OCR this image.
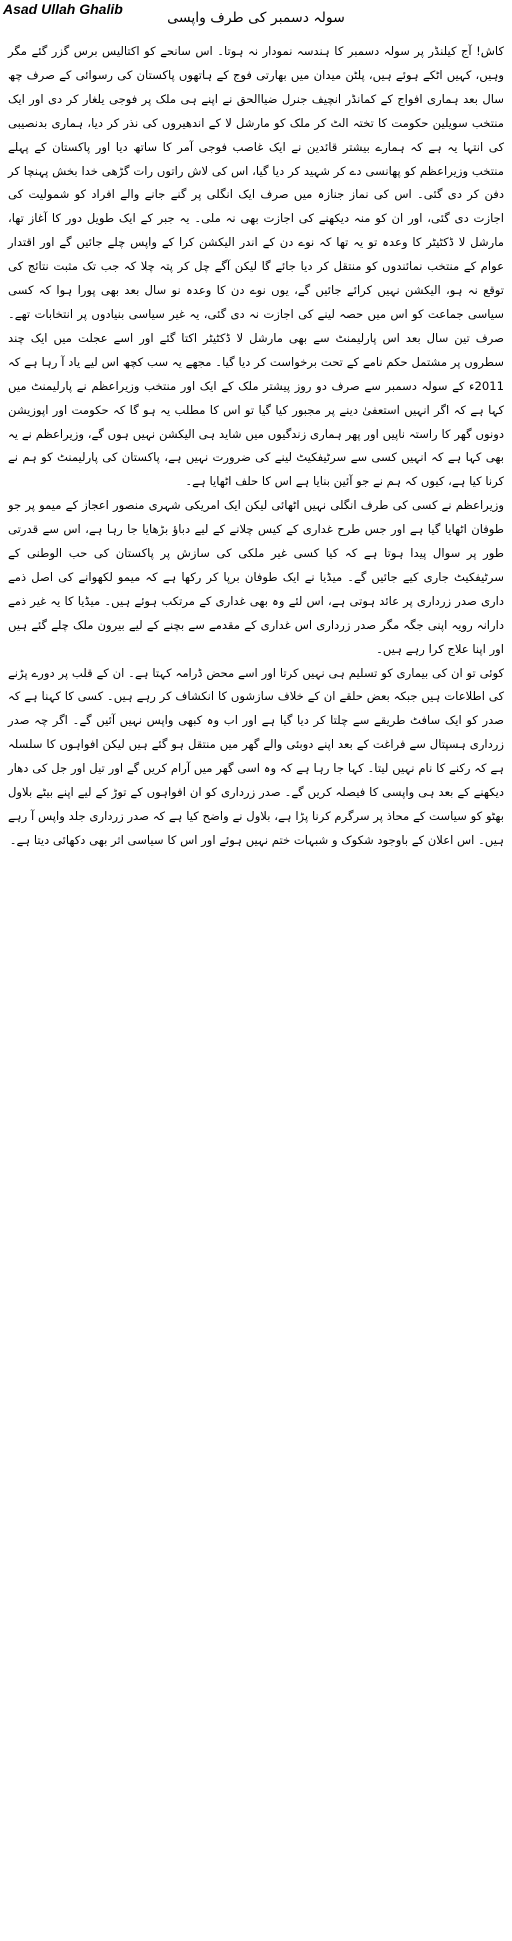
Asad Ullah Ghalib
سولہ دسمبر کی طرف واپسی

کاش! آج کیلنڈر پر سولہ دسمبر کا ہندسہ نمودار نہ ہوتا۔ اس سانحے کو اکتالیس برس گزر گئے مگر وہیں، کہیں اٹکے ہوئے ہیں، پلٹن میدان میں بھارتی فوج کے ہاتھوں پاکستان کی رسوائی کے صرف چھ سال بعد ہماری افواج کے کمانڈر انچیف جنرل ضیاالحق نے اپنے ہی ملک پر فوجی یلغار کر دی اور ایک منتخب سویلین حکومت کا تختہ الٹ کر ملک کو مارشل لا کے اندھیروں کی نذر کر دیا، ہماری بدنصیبی کی انتہا یہ ہے کہ ہمارے بیشتر قائدین نے ایک غاصب فوجی آمر کا ساتھ دیا اور پاکستان کے پہلے منتخب وزیراعظم کو پھانسی دے کر شہید کر دیا گیا، اس کی لاش راتوں رات گڑھی خدا بخش پہنچا کر دفن کر دی گئی۔ اس کی نماز جنازہ میں صرف ایک انگلی پر گنے جانے والے افراد کو شمولیت کی اجازت دی گئی، اور ان کو منہ دیکھنے کی اجازت بھی نہ ملی۔ یہ جبر کے ایک طویل دور کا آغاز تھا، مارشل لا ڈکٹیٹر کا وعدہ تو یہ تھا کہ نوے دن کے اندر الیکشن کرا کے واپس چلے جائیں گے اور اقتدار عوام کے منتخب نمائندوں کو منتقل کر دیا جائے گا لیکن آگے چل کر پتہ چلا کہ جب تک مثبت نتائج کی توقع نہ ہو، الیکشن نہیں کرائے جائیں گے، یوں نوے دن کا وعدہ نو سال بعد بھی پورا ہوا کہ کسی سیاسی جماعت کو اس میں حصہ لینے کی اجازت نہ دی گئی، یہ غیر سیاسی بنیادوں پر انتخابات تھے۔ صرف تین سال بعد اس پارلیمنٹ سے بھی مارشل لا ڈکٹیٹر اکتا گئے اور اسے عجلت میں ایک چند سطروں پر مشتمل حکم نامے کے تحت برخواست کر دیا گیا۔ مجھے یہ سب کچھ اس لیے یاد آ رہا ہے کہ 2011ء کے سولہ دسمبر سے صرف دو روز پیشتر ملک کے ایک اور منتخب وزیراعظم نے پارلیمنٹ میں کہا ہے کہ اگر انہیں استعفیٰ دینے پر مجبور کیا گیا تو اس کا مطلب یہ ہو گا کہ حکومت اور اپوزیشن دونوں گھر کا راستہ ناپیں اور پھر ہماری زندگیوں میں شاید ہی الیکشن نہیں ہوں گے، وزیراعظم نے یہ بھی کہا ہے کہ انہیں کسی سے سرٹیفکیٹ لینے کی ضرورت نہیں ہے، پاکستان کی پارلیمنٹ کو ہم نے کرنا کیا ہے، کیوں کہ ہم نے جو آئین بنایا ہے اس کا حلف اٹھایا ہے۔

وزیراعظم نے کسی کی طرف انگلی نہیں اٹھائی لیکن ایک امریکی شہری منصور اعجاز کے میمو پر جو طوفان اٹھایا گیا ہے اور جس طرح غداری کے کیس چلانے کے لیے دباؤ بڑھایا جا رہا ہے، اس سے قدرتی طور پر سوال پیدا ہوتا ہے کہ کیا کسی غیر ملکی کی سازش پر پاکستان کی حب الوطنی کے سرٹیفکیٹ جاری کیے جائیں گے۔ میڈیا نے ایک طوفان برپا کر رکھا ہے کہ میمو لکھوانے کی اصل ذمے داری صدر زرداری پر عائد ہوتی ہے، اس لئے وہ بھی غداری کے مرتکب ہوئے ہیں۔ میڈیا کا یہ غیر ذمے دارانہ رویہ اپنی جگہ مگر صدر زرداری اس غداری کے مقدمے سے بچنے کے لیے بیرون ملک چلے گئے ہیں اور اپنا علاج کرا رہے ہیں۔

کوئی تو ان کی بیماری کو تسلیم ہی نہیں کرتا اور اسے محض ڈرامہ کہتا ہے۔ ان کے قلب پر دورے پڑنے کی اطلاعات ہیں جبکہ بعض حلقے ان کے خلاف سازشوں کا انکشاف کر رہے ہیں۔ کسی کا کہنا ہے کہ صدر کو ایک سافٹ طریقے سے چلتا کر دیا گیا ہے اور اب وہ کبھی واپس نہیں آئیں گے۔ اگر چہ صدر زرداری ہسپتال سے فراغت کے بعد اپنے دوبئی والے گھر میں منتقل ہو گئے ہیں لیکن افواہوں کا سلسلہ ہے کہ رکنے کا نام نہیں لیتا۔ کہا جا رہا ہے کہ وہ اسی گھر میں آرام کریں گے اور تیل اور جل کی دھار دیکھنے کے بعد ہی واپسی کا فیصلہ کریں گے۔ صدر زرداری کو ان افواہوں کے توڑ کے لیے اپنے بیٹے بلاول بھٹو کو سیاست کے محاذ پر سرگرم کرنا پڑا ہے، بلاول نے واضح کیا ہے کہ صدر زرداری جلد واپس آ رہے ہیں۔ اس اعلان کے باوجود شکوک و شبہات ختم نہیں ہوئے اور اس کا سیاسی اثر بھی دکھائی دیتا ہے۔
